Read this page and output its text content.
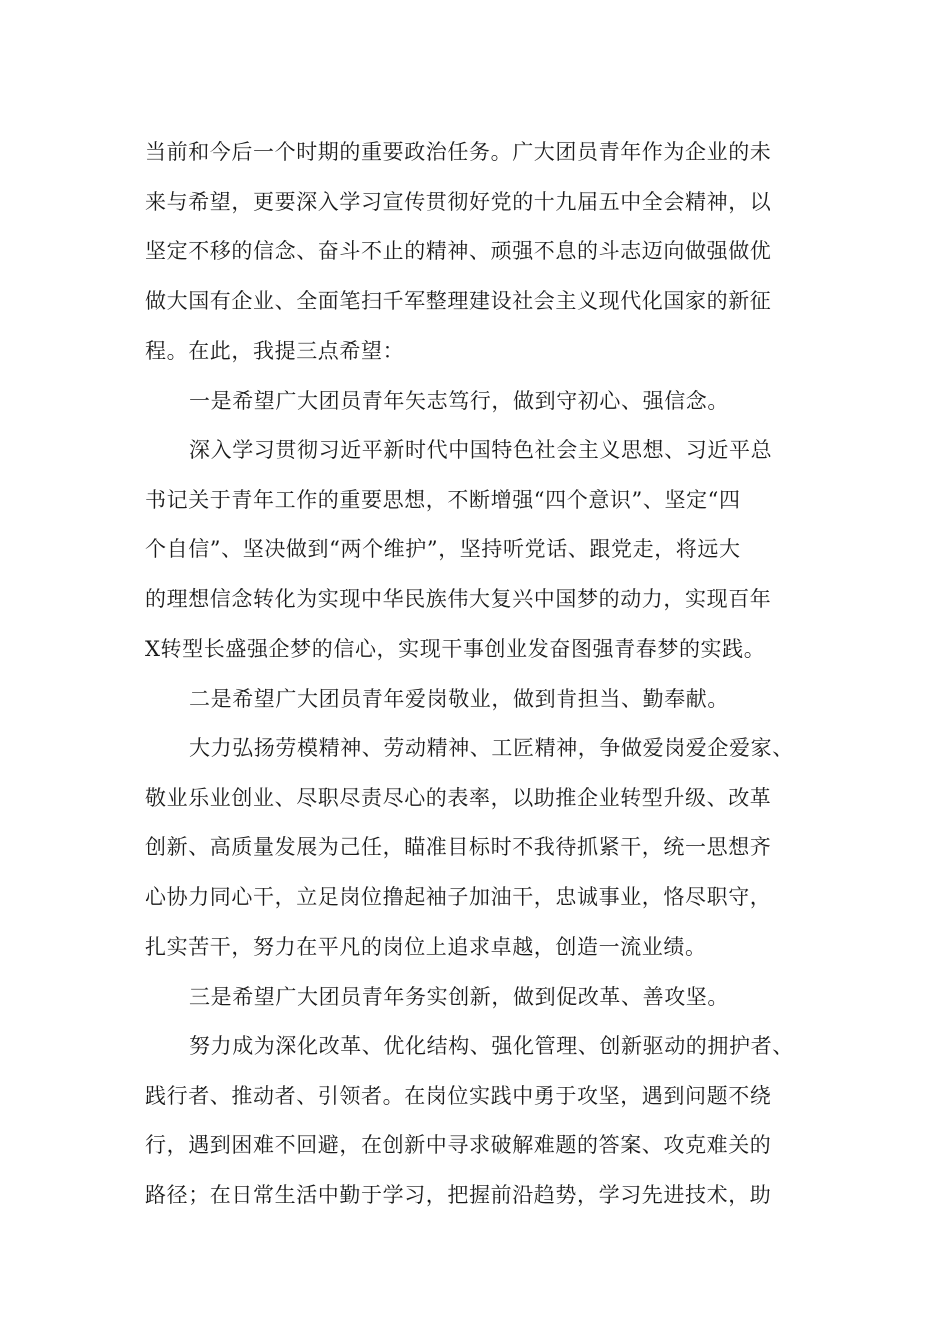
当前和今后一个时期的重要政治任务。广大团员青年作为企业的未

来与希望，更要深入学习宣传贯彻好党的十九届五中全会精神，以

坚定不移的信念、奋斗不止的精神、顽强不息的斗志迈向做强做优

做大国有企业、全面笔扫千军整理建设社会主义现代化国家的新征

程。在此，我提三点希望：

一是希望广大团员青年矢志笃行，做到守初心、强信念。

深入学习贯彻习近平新时代中国特色社会主义思想、习近平总

书记关于青年工作的重要思想，不断增强“四个意识”、坚定“四

个自信”、坚决做到“两个维护”，坚持听党话、跟党走，将远大

的理想信念转化为实现中华民族伟大复兴中国梦的动力，实现百年

X转型长盛强企梦的信心，实现干事创业发奋图强青春梦的实践。

二是希望广大团员青年爱岗敬业，做到肯担当、勤奉献。

大力弘扬劳模精神、劳动精神、工匠精神，争做爱岗爱企爱家、

敬业乐业创业、尽职尽责尽心的表率，以助推企业转型升级、改革

创新、高质量发展为己任，瞄准目标时不我待抓紧干，统一思想齐

心协力同心干，立足岗位撸起袖子加油干，忠诚事业，恪尽职守，

扎实苦干，努力在平凡的岗位上追求卓越，创造一流业绩。

三是希望广大团员青年务实创新，做到促改革、善攻坚。

努力成为深化改革、优化结构、强化管理、创新驱动的拥护者、

践行者、推动者、引领者。在岗位实践中勇于攻坚，遇到问题不绕

行，遇到困难不回避，在创新中寻求破解难题的答案、攻克难关的

路径；在日常生活中勤于学习，把握前沿趋势，学习先进技术，助
